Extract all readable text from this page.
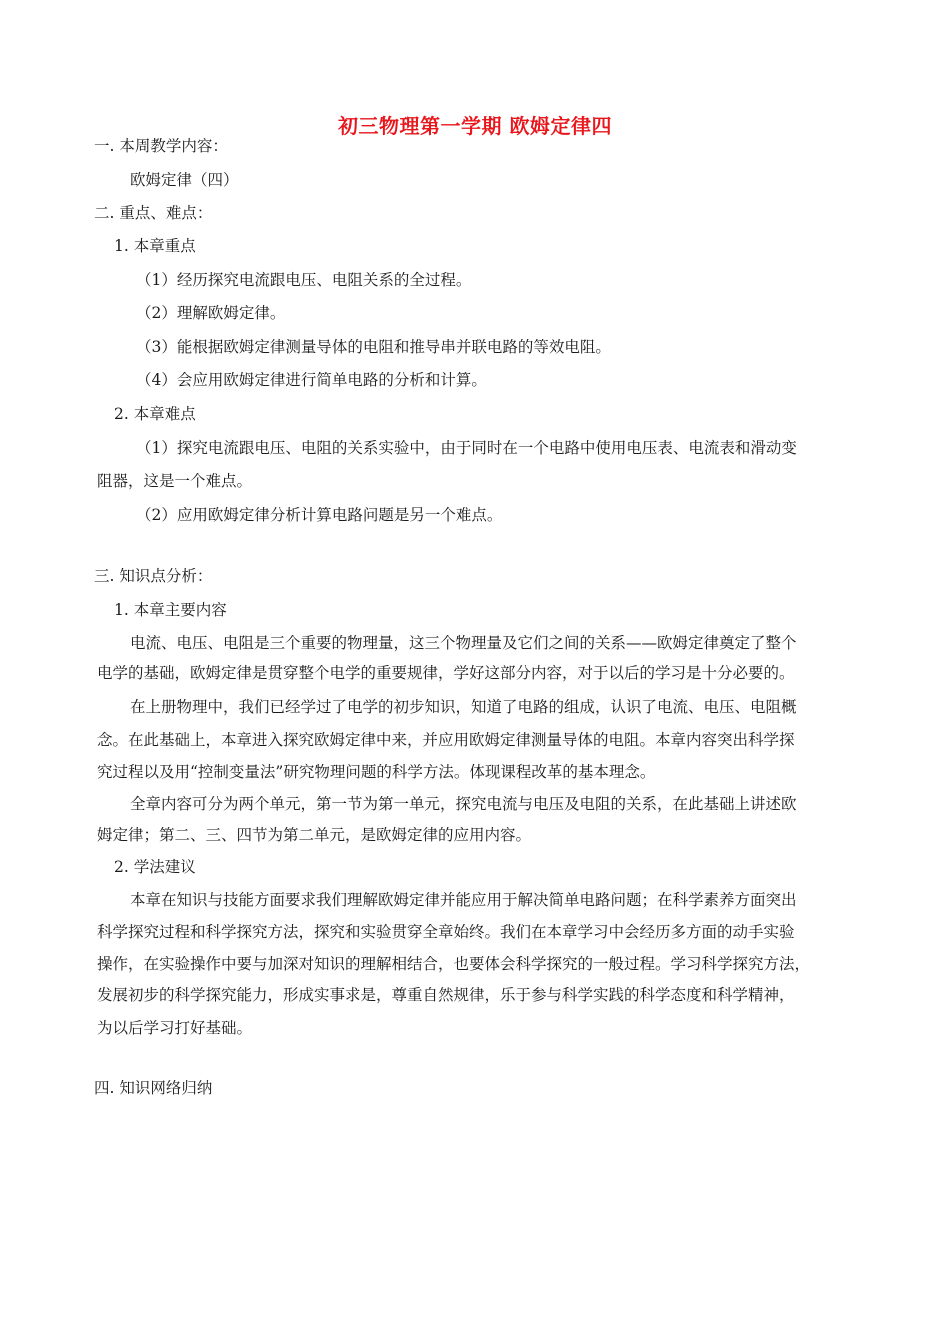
初三物理第一学期 欧姆定律四
一. 本周教学内容：
欧姆定律（四）
二. 重点、难点：
1. 本章重点
（1）经历探究电流跟电压、电阻关系的全过程。
（2）理解欧姆定律。
（3）能根据欧姆定律测量导体的电阻和推导串并联电路的等效电阻。
（4）会应用欧姆定律进行简单电路的分析和计算。
2. 本章难点
（1）探究电流跟电压、电阻的关系实验中，由于同时在一个电路中使用电压表、电流表和滑动变
阻器，这是一个难点。
（2）应用欧姆定律分析计算电路问题是另一个难点。
三. 知识点分析：
1. 本章主要内容
电流、电压、电阻是三个重要的物理量，这三个物理量及它们之间的关系——欧姆定律奠定了整个
电学的基础，欧姆定律是贯穿整个电学的重要规律，学好这部分内容，对于以后的学习是十分必要的。
在上册物理中，我们已经学过了电学的初步知识，知道了电路的组成，认识了电流、电压、电阻概
念。在此基础上，本章进入探究欧姆定律中来，并应用欧姆定律测量导体的电阻。本章内容突出科学探
究过程以及用“控制变量法”研究物理问题的科学方法。体现课程改革的基本理念。
全章内容可分为两个单元，第一节为第一单元，探究电流与电压及电阻的关系，在此基础上讲述欧
姆定律；第二、三、四节为第二单元，是欧姆定律的应用内容。
2. 学法建议
本章在知识与技能方面要求我们理解欧姆定律并能应用于解决简单电路问题；在科学素养方面突出
科学探究过程和科学探究方法，探究和实验贯穿全章始终。我们在本章学习中会经历多方面的动手实验
操作，在实验操作中要与加深对知识的理解相结合，也要体会科学探究的一般过程。学习科学探究方法，
发展初步的科学探究能力，形成实事求是，尊重自然规律，乐于参与科学实践的科学态度和科学精神，
为以后学习打好基础。
四. 知识网络归纳
